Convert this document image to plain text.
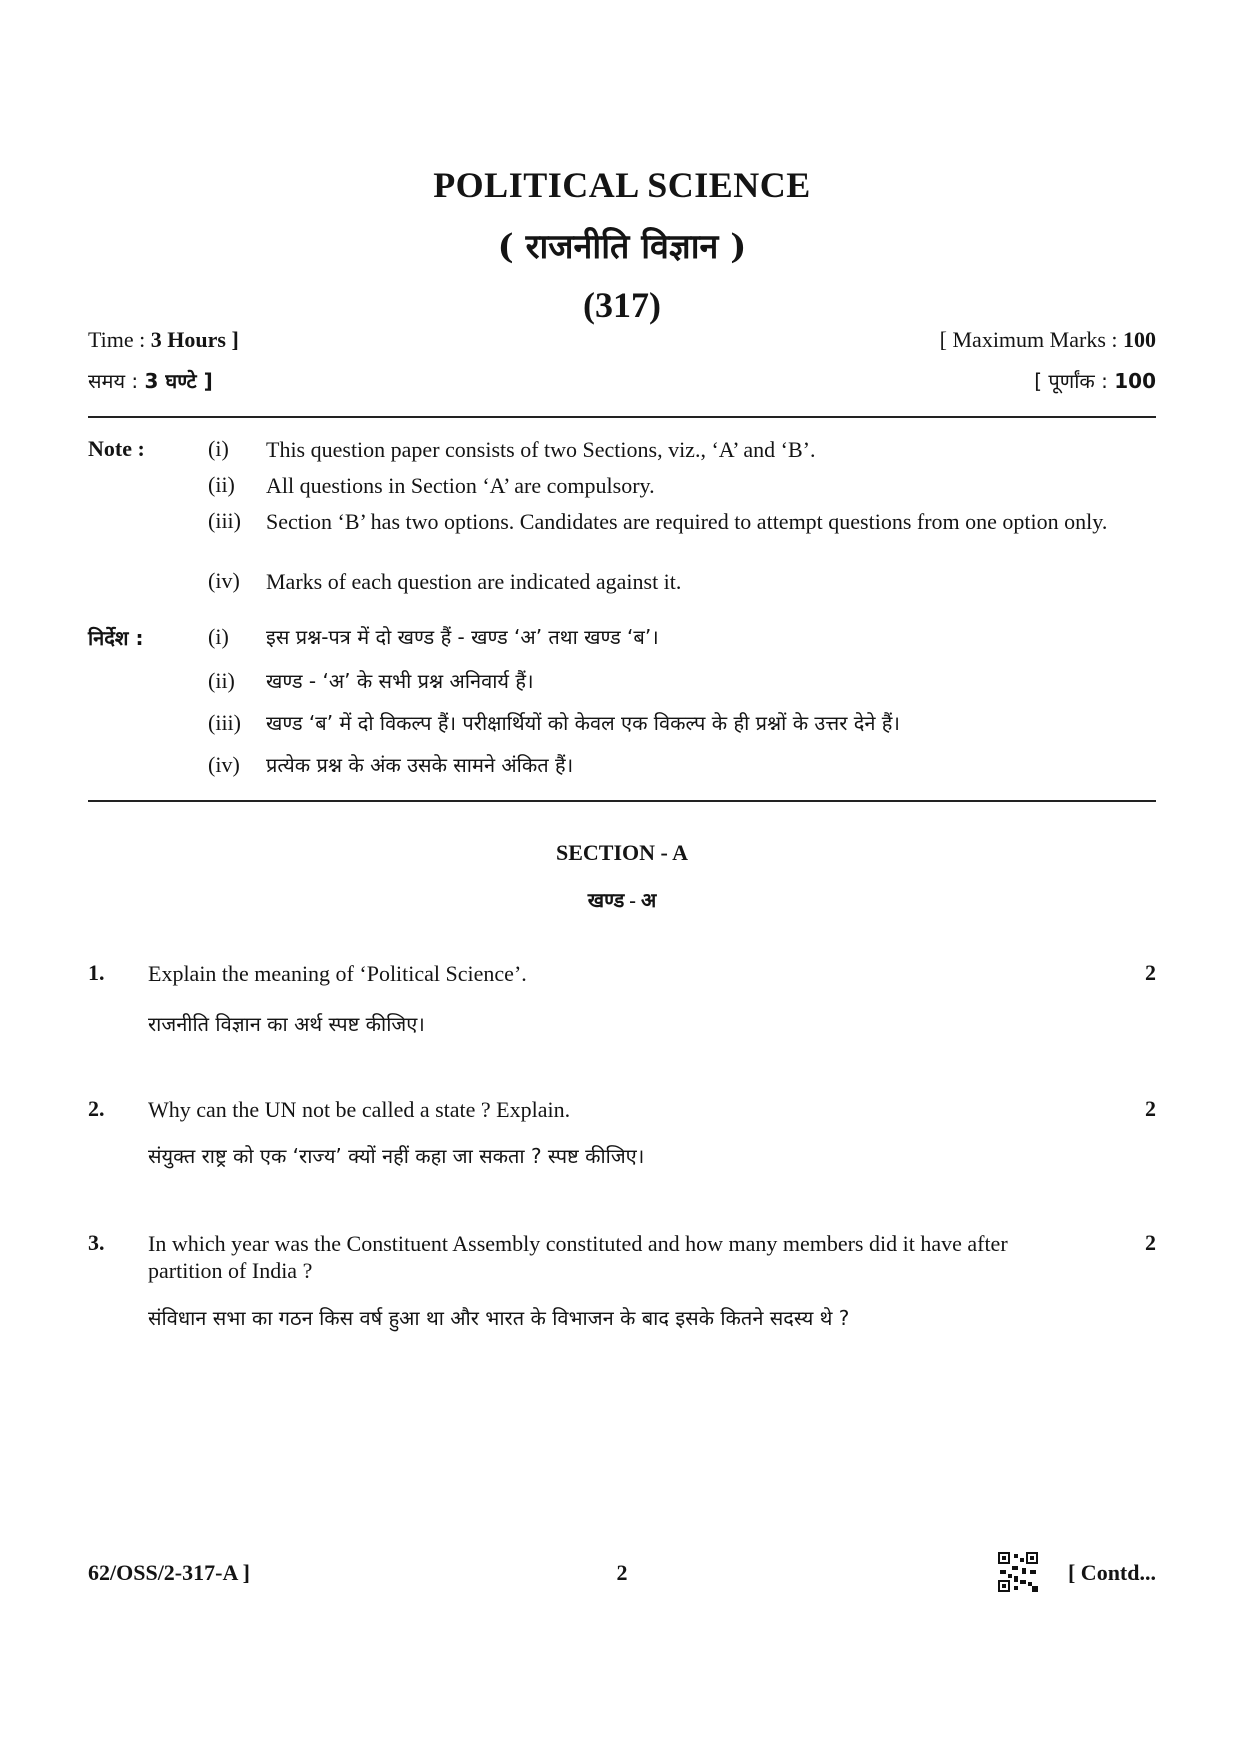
POLITICAL SCIENCE
( राजनीति विज्ञान )
(317)
Time : 3 Hours ]	[ Maximum Marks : 100
समय : 3 घण्टे ]	[ पूर्णांक : 100
Note :	(i) This question paper consists of two Sections, viz., ‘A’ and ‘B’.
(ii) All questions in Section ‘A’ are compulsory.
(iii) Section ‘B’ has two options. Candidates are required to attempt questions from one option only.
(iv) Marks of each question are indicated against it.
निर्देश :	(i) इस प्रश्न-पत्र में दो खण्ड हैं - खण्ड ‘अ’ तथा खण्ड ‘ब’।
(ii) खण्ड - ‘अ’ के सभी प्रश्न अनिवार्य हैं।
(iii) खण्ड ‘ब’ में दो विकल्प हैं। परीक्षार्थियों को केवल एक विकल्प के ही प्रश्नों के उत्तर देने हैं।
(iv) प्रत्येक प्रश्न के अंक उसके सामने अंकित हैं।
SECTION - A
खण्ड - अ
1. Explain the meaning of ‘Political Science’.	2
राजनीति विज्ञान का अर्थ स्पष्ट कीजिए।
2. Why can the UN not be called a state ? Explain.	2
संयुक्त राष्ट्र को एक ‘राज्य’ क्यों नहीं कहा जा सकता ? स्पष्ट कीजिए।
3. In which year was the Constituent Assembly constituted and how many members did it have after partition of India ?
2
संविधान सभा का गठन किस वर्ष हुआ था और भारत के विभाजन के बाद इसके कितने सदस्य थे ?
62/OSS/2-317-A ]	2	[ Contd...
